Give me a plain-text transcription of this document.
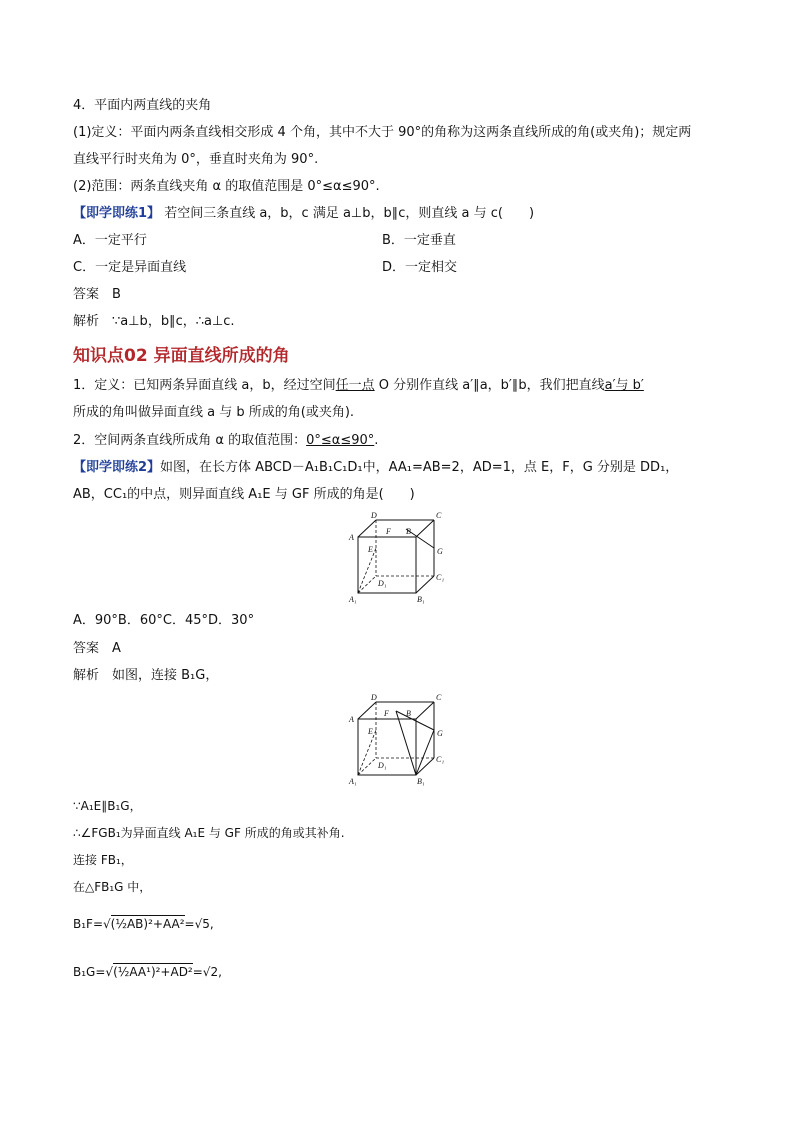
4．平面内两直线的夹角
(1)定义：平面内两条直线相交形成 4 个角，其中不大于 90°的角称为这两条直线所成的角(或夹角)；规定两
直线平行时夹角为 0°，垂直时夹角为 90°.
(2)范围：两条直线夹角 α 的取值范围是 0°≤α≤90°.
【即学即练1】 若空间三条直线 a，b，c 满足 a⊥b，b∥c，则直线 a 与 c(　　)
A．一定平行	B．一定垂直
C．一定是异面直线	D．一定相交
答案　B
解析　∵a⊥b，b∥c，∴a⊥c.
知识点02 异面直线所成的角
1．定义：已知两条异面直线 a，b，经过空间任一点 O 分别作直线 a′∥a，b′∥b，我们把直线a′与 b′
所成的角叫做异面直线 a 与 b 所成的角(或夹角).
2．空间两条直线所成角 α 的取值范围：0°≤α≤90°.
【即学即练2】如图，在长方体 ABCD－A₁B₁C₁D₁中，AA₁=AB=2，AD=1，点 E，F，G 分别是 DD₁，
AB，CC₁的中点，则异面直线 A₁E 与 GF 所成的角是(　　)
D	C
A
F B
E	G
C₁
D₁
A₁	B₁
A．90°B．60°C．45°D．30°
答案　A
解析　如图，连接 B₁G，
D	C
A
F B
E	G
C₁
D₁
A₁	B₁
∵A₁E∥B₁G，
∴∠FGB₁为异面直线 A₁E 与 GF 所成的角或其补角.
连接 FB₁，
在△FB₁G 中，
B₁F=√(½AB)²+AA²=√5,
B₁G=√(½AA¹)²+AD²=√2,
